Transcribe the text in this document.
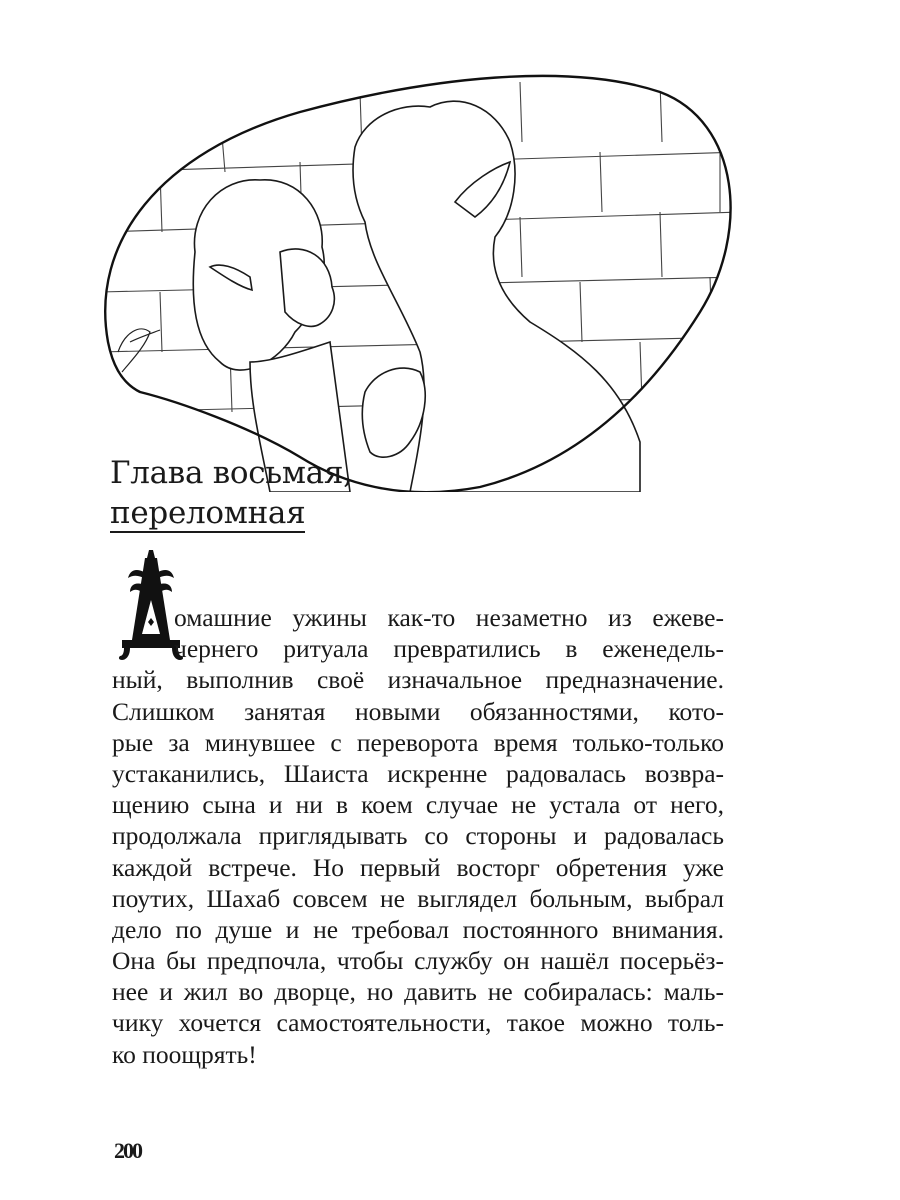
Глава восьмая,
переломная
омашние ужины как-то незаметно из ежеве-
чернего ритуала превратились в еженедель-
ный, выполнив своё изначальное предназначение.
Слишком занятая новыми обязанностями, кото-
рые за минувшее с переворота время только-только
устаканились, Шаиста искренне радовалась возвра-
щению сына и ни в коем случае не устала от него,
продолжала приглядывать со стороны и радовалась
каждой встрече. Но первый восторг обретения уже
поутих, Шахаб совсем не выглядел больным, выбрал
дело по душе и не требовал постоянного внимания.
Она бы предпочла, чтобы службу он нашёл посерьёз-
нее и жил во дворце, но давить не собиралась: маль-
чику хочется самостоятельности, такое можно толь-
ко поощрять!
200
